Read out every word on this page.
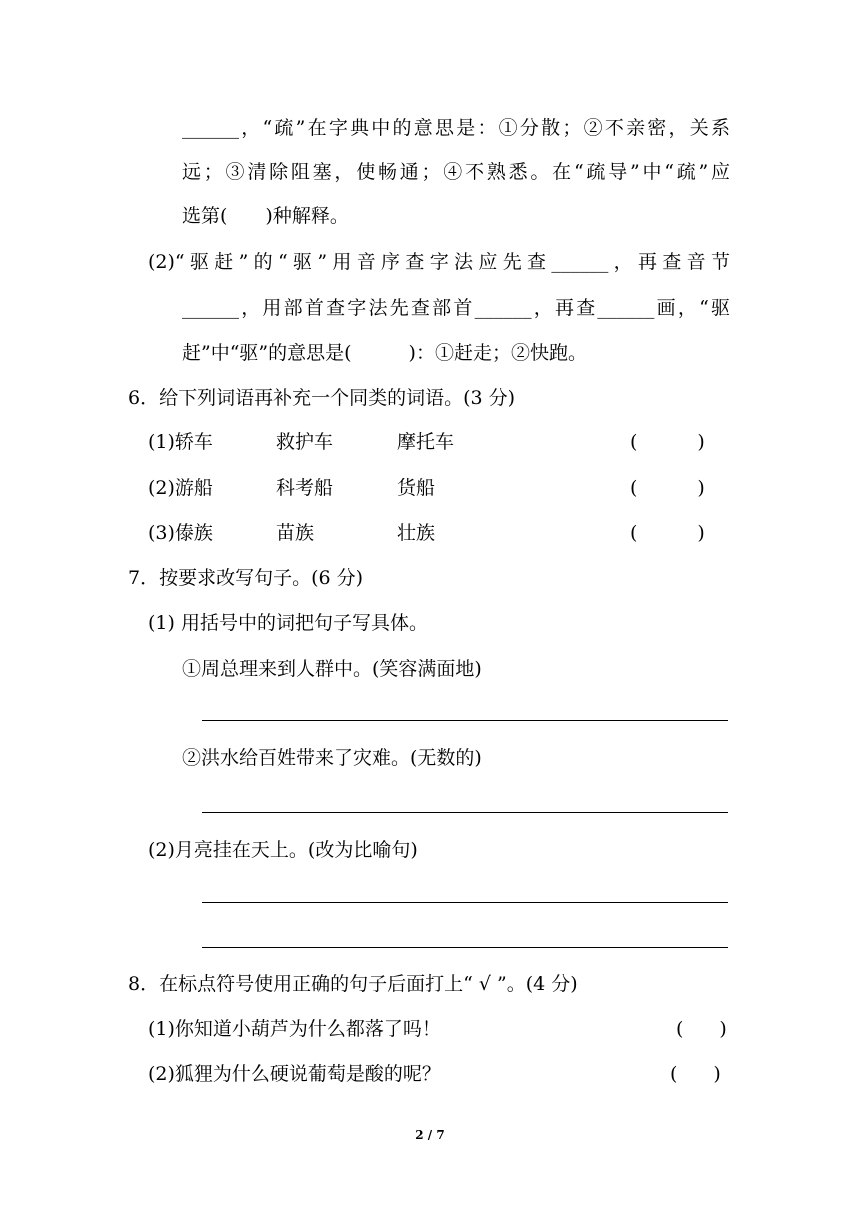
______，“疏”在字典中的意思是：①分散；②不亲密，关系
远；③清除阻塞，使畅通；④不熟悉。在“疏导”中“疏”应
选第(　　)种解释。
(2)“驱赶”的“驱”用音序查字法应先查______，再查音节
______，用部首查字法先查部首______，再查______画，“驱
赶”中“驱”的意思是(　　　)：①赶走；②快跑。
6．给下列词语再补充一个同类的词语。(3 分)
(1)轿车	救护车	摩托车	(	)
(2)游船	科考船	货船	(	)
(3)傣族	苗族	壮族	(	)
7．按要求改写句子。(6 分)
(1) 用括号中的词把句子写具体。
①周总理来到人群中。(笑容满面地)
②洪水给百姓带来了灾难。(无数的)
(2)月亮挂在天上。(改为比喻句)
8．在标点符号使用正确的句子后面打上“ √ ”。(4 分)
(1)你知道小葫芦为什么都落了吗！	( )
(2)狐狸为什么硬说葡萄是酸的呢？	( )
2 / 7
